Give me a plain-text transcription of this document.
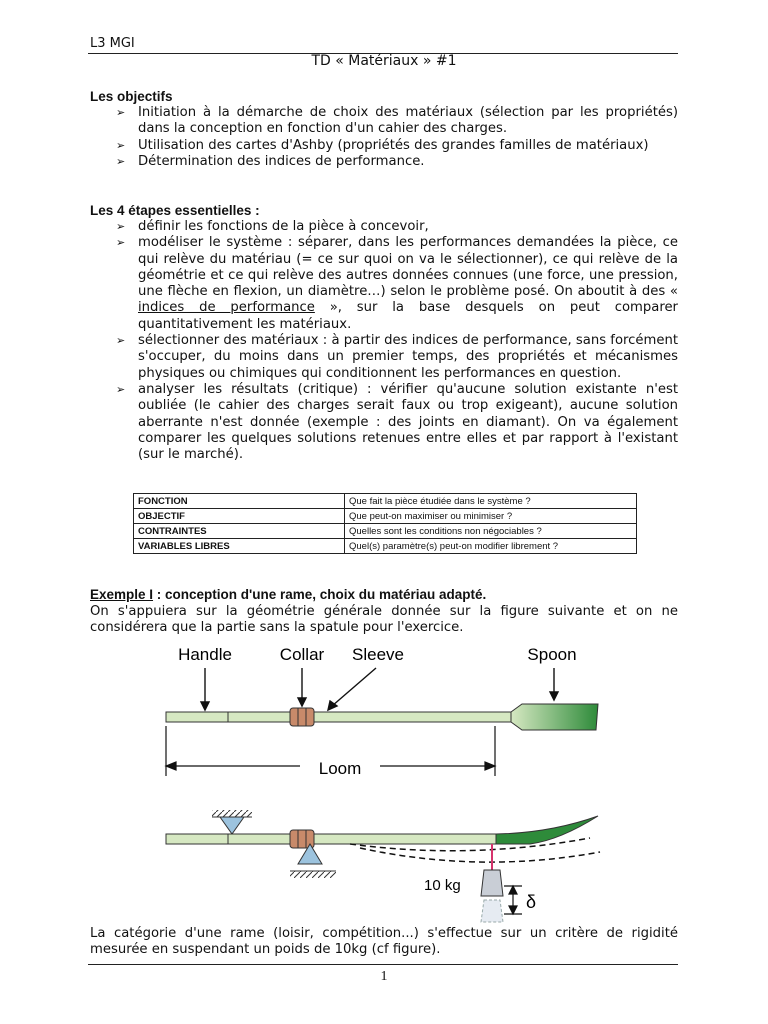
L3 MGI
TD « Matériaux » #1
Les objectifs
➢ Initiation à la démarche de choix des matériaux (sélection par les propriétés) dans la conception en fonction d'un cahier des charges.
➢ Utilisation des cartes d'Ashby (propriétés des grandes familles de matériaux)
➢ Détermination des indices de performance.
Les 4 étapes essentielles :
➢ définir les fonctions de la pièce à concevoir,
➢ modéliser le système : séparer, dans les performances demandées la pièce, ce qui relève du matériau (= ce sur quoi on va le sélectionner), ce qui relève de la géométrie et ce qui relève des autres données connues (une force, une pression, une flèche en flexion, un diamètre…) selon le problème posé. On aboutit à des « indices de performance », sur la base desquels on peut comparer quantitativement les matériaux.
➢ sélectionner des matériaux : à partir des indices de performance, sans forcément s'occuper, du moins dans un premier temps, des propriétés et mécanismes physiques ou chimiques qui conditionnent les performances en question.
➢ analyser les résultats (critique) : vérifier qu'aucune solution existante n'est oubliée (le cahier des charges serait faux ou trop exigeant), aucune solution aberrante n'est donnée (exemple : des joints en diamant). On va également comparer les quelques solutions retenues entre elles et par rapport à l'existant (sur le marché).
FONCTION	Que fait la pièce étudiée dans le système ?
OBJECTIF	Que peut-on maximiser ou minimiser ?
CONTRAINTES	Quelles sont les conditions non négociables ?
VARIABLES LIBRES	Quel(s) paramètre(s) peut-on modifier librement ?
Exemple I : conception d'une rame, choix du matériau adapté.
On s'appuiera sur la géométrie générale donnée sur la figure suivante et on ne considérera que la partie sans la spatule pour l'exercice.
Handle	Collar Sleeve	Spoon
Loom
10 kg
δ
La catégorie d'une rame (loisir, compétition...) s'effectue sur un critère de rigidité mesurée en suspendant un poids de 10kg (cf figure).
1
